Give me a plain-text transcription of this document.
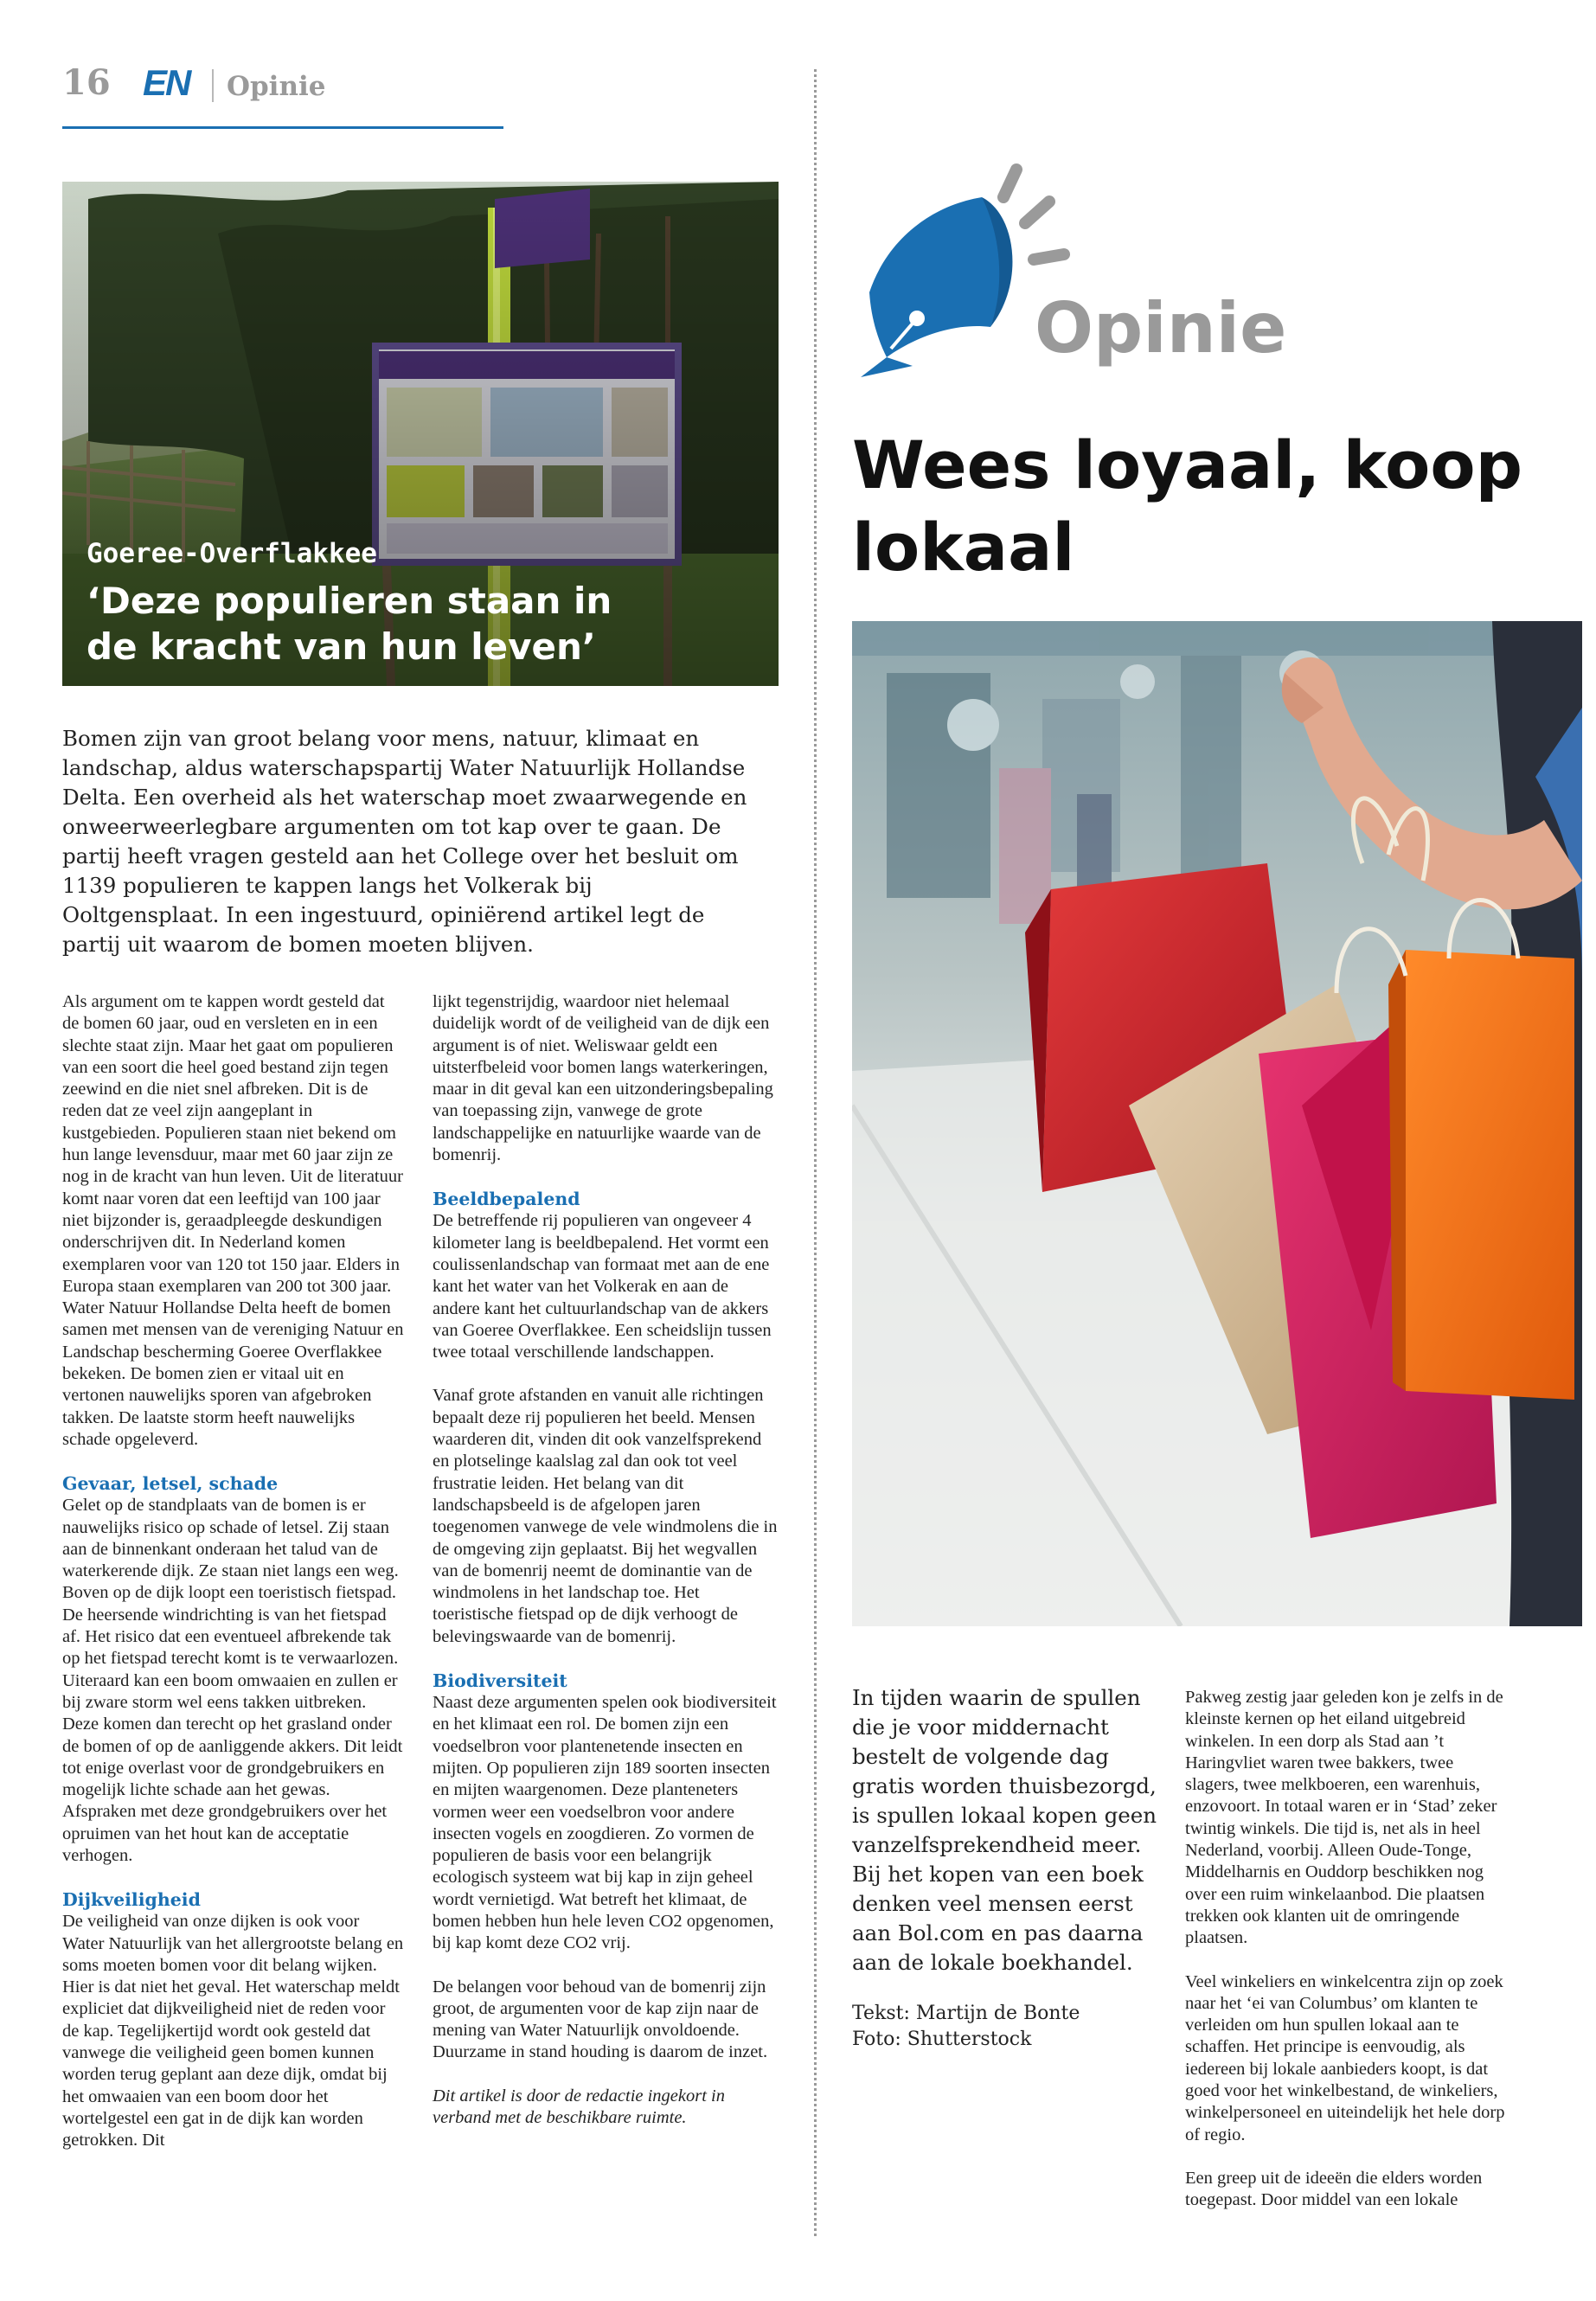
16 EN Opinie
Goeree-Overflakkee
‘Deze populieren staan in de kracht van hun leven’

Bomen zijn van groot belang voor mens, natuur, klimaat en landschap, aldus waterschapspartij Water Natuurlijk Hollandse Delta. Een overheid als het waterschap moet zwaarwegende en onweerweerlegbare argumenten om tot kap over te gaan. De partij heeft vragen gesteld aan het College over het besluit om 1139 populieren te kappen langs het Volkerak bij Ooltgensplaat. In een ingestuurd, opiniërend artikel legt de partij uit waarom de bomen moeten blijven.

Als argument om te kappen wordt gesteld dat de bomen 60 jaar, oud en versleten en in een slechte staat zijn. Maar het gaat om populieren van een soort die heel goed bestand zijn tegen zeewind en die niet snel afbreken. Dit is de reden dat ze veel zijn aangeplant in kustgebieden. Populieren staan niet bekend om hun lange levensduur, maar met 60 jaar zijn ze nog in de kracht van hun leven. Uit de literatuur komt naar voren dat een leeftijd van 100 jaar niet bijzonder is, geraadpleegde deskundigen onderschrijven dit. In Nederland komen exemplaren voor van 120 tot 150 jaar. Elders in Europa staan exemplaren van 200 tot 300 jaar. Water Natuur Hollandse Delta heeft de bomen samen met mensen van de vereniging Natuur en Landschap bescherming Goeree Overflakkee bekeken. De bomen zien er vitaal uit en vertonen nauwelijks sporen van afgebroken takken. De laatste storm heeft nauwelijks schade opgeleverd.

Gevaar, letsel, schade

Gelet op de standplaats van de bomen is er nauwelijks risico op schade of letsel. Zij staan aan de binnenkant onderaan het talud van de waterkerende dijk. Ze staan niet langs een weg. Boven op de dijk loopt een toeristisch fietspad. De heersende windrichting is van het fietspad af. Het risico dat een eventueel afbrekende tak op het fietspad terecht komt is te verwaarlozen. Uiteraard kan een boom omwaaien en zullen er bij zware storm wel eens takken uitbreken. Deze komen dan terecht op het grasland onder de bomen of op de aanliggende akkers. Dit leidt tot enige overlast voor de grondgebruikers en mogelijk lichte schade aan het gewas. Afspraken met deze grondgebruikers over het opruimen van het hout kan de acceptatie verhogen.

Dijkveiligheid

De veiligheid van onze dijken is ook voor Water Natuurlijk van het allergrootste belang en soms moeten bomen voor dit belang wijken. Hier is dat niet het geval. Het waterschap meldt expliciet dat dijkveiligheid niet de reden voor de kap. Tegelijkertijd wordt ook gesteld dat vanwege die veiligheid geen bomen kunnen worden terug geplant aan deze dijk, omdat bij het omwaaien van een boom door het wortelgestel een gat in de dijk kan worden getrokken. Dit

lijkt tegenstrijdig, waardoor niet helemaal duidelijk wordt of de veiligheid van de dijk een argument is of niet. Weliswaar geldt een uitsterfbeleid voor bomen langs waterkeringen, maar in dit geval kan een uitzonderingsbepaling van toepassing zijn, vanwege de grote landschappelijke en natuurlijke waarde van de bomenrij.

Beeldbepalend

De betreffende rij populieren van ongeveer 4 kilometer lang is beeldbepalend. Het vormt een coulissenlandschap van formaat met aan de ene kant het water van het Volkerak en aan de andere kant het cultuurlandschap van de akkers van Goeree Overflakkee. Een scheidslijn tussen twee totaal verschillende landschappen.

Vanaf grote afstanden en vanuit alle richtingen bepaalt deze rij populieren het beeld. Mensen waarderen dit, vinden dit ook vanzelfsprekend en plotselinge kaalslag zal dan ook tot veel frustratie leiden. Het belang van dit landschapsbeeld is de afgelopen jaren toegenomen vanwege de vele windmolens die in de omgeving zijn geplaatst. Bij het wegvallen van de bomenrij neemt de dominantie van de windmolens in het landschap toe. Het toeristische fietspad op de dijk verhoogt de belevingswaarde van de bomenrij.

Biodiversiteit

Naast deze argumenten spelen ook biodiversiteit en het klimaat een rol. De bomen zijn een voedselbron voor plantenetende insecten en mijten. Op populieren zijn 189 soorten insecten en mijten waargenomen. Deze planteneters vormen weer een voedselbron voor andere insecten vogels en zoogdieren. Zo vormen de populieren de basis voor een belangrijk ecologisch systeem wat bij kap in zijn geheel wordt vernietigd. Wat betreft het klimaat, de bomen hebben hun hele leven CO2 opgenomen, bij kap komt deze CO2 vrij.

De belangen voor behoud van de bomenrij zijn groot, de argumenten voor de kap zijn naar de mening van Water Natuurlijk onvoldoende. Duurzame in stand houding is daarom de inzet.

Dit artikel is door de redactie ingekort in verband met de beschikbare ruimte.

Opinie
Wees loyaal, koop lokaal

In tijden waarin de spullen die je voor middernacht bestelt de volgende dag gratis worden thuisbezorgd, is spullen lokaal kopen geen vanzelfsprekendheid meer. Bij het kopen van een boek denken veel mensen eerst aan Bol.com en pas daarna aan de lokale boekhandel.

Tekst: Martijn de Bonte
Foto: Shutterstock

Pakweg zestig jaar geleden kon je zelfs in de kleinste kernen op het eiland uitgebreid winkelen. In een dorp als Stad aan ’t Haringvliet waren twee bakkers, twee slagers, twee melkboeren, een warenhuis, enzovoort. In totaal waren er in ‘Stad’ zeker twintig winkels. Die tijd is, net als in heel Nederland, voorbij. Alleen Oude-Tonge, Middelharnis en Ouddorp beschikken nog over een ruim winkelaanbod. Die plaatsen trekken ook klanten uit de omringende plaatsen.

Veel winkeliers en winkelcentra zijn op zoek naar het ‘ei van Columbus’ om klanten te verleiden om hun spullen lokaal aan te schaffen. Het principe is eenvoudig, als iedereen bij lokale aanbieders koopt, is dat goed voor het winkelbestand, de winkeliers, winkelpersoneel en uiteindelijk het hele dorp of regio.

Een greep uit de ideeën die elders worden toegepast. Door middel van een lokale
